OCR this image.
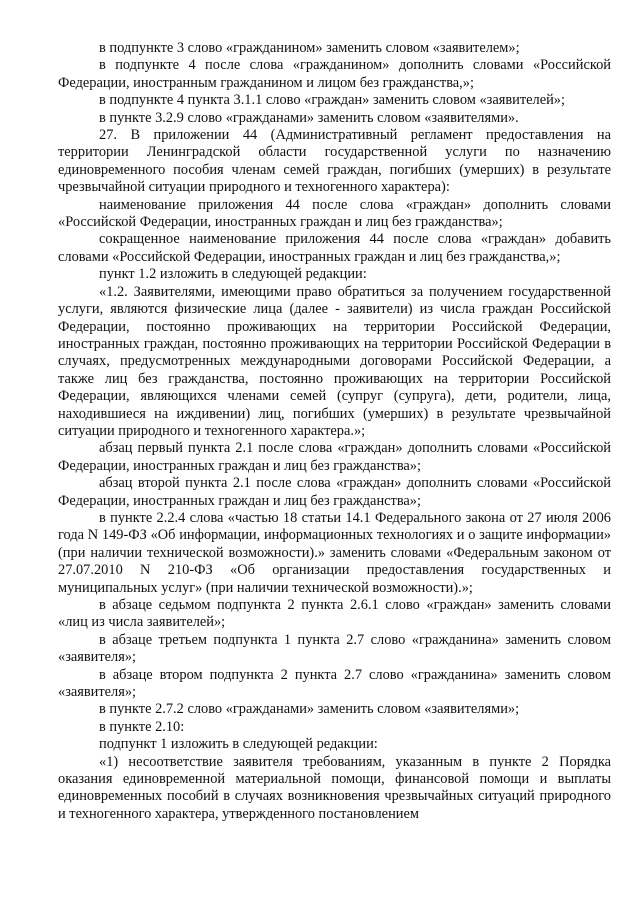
в подпункте 3 слово «гражданином» заменить словом «заявителем»;

в подпункте 4 после слова «гражданином» дополнить словами «Российской Федерации, иностранным гражданином и лицом без гражданства,»;

в подпункте 4 пункта 3.1.1 слово «граждан» заменить словом «заявителей»;

в пункте 3.2.9 слово «гражданами» заменить словом «заявителями».

27. В приложении 44 (Административный регламент предоставления на территории Ленинградской области государственной услуги по назначению единовременного пособия членам семей граждан, погибших (умерших) в результате чрезвычайной ситуации природного и техногенного характера):

наименование приложения 44 после слова «граждан» дополнить словами «Российской Федерации, иностранных граждан и лиц без гражданства»;

сокращенное наименование приложения 44 после слова «граждан» добавить словами «Российской Федерации, иностранных граждан и лиц без гражданства,»;

пункт 1.2 изложить в следующей редакции:

«1.2. Заявителями, имеющими право обратиться за получением государственной услуги, являются физические лица (далее - заявители) из числа граждан Российской Федерации, постоянно проживающих на территории Российской Федерации, иностранных граждан, постоянно проживающих на территории Российской Федерации в случаях, предусмотренных международными договорами Российской Федерации, а также лиц без гражданства, постоянно проживающих на территории Российской Федерации, являющихся членами семей (супруг (супруга), дети, родители, лица, находившиеся на иждивении) лиц, погибших (умерших) в результате чрезвычайной ситуации природного и техногенного характера.»;

абзац первый пункта 2.1 после слова «граждан» дополнить словами «Российской Федерации, иностранных граждан и лиц без гражданства»;

абзац второй пункта 2.1 после слова «граждан» дополнить словами «Российской Федерации, иностранных граждан и лиц без гражданства»;

в пункте 2.2.4 слова «частью 18 статьи 14.1 Федерального закона от 27 июля 2006 года N 149-ФЗ «Об информации, информационных технологиях и о защите информации» (при наличии технической возможности).» заменить словами «Федеральным законом от 27.07.2010 N 210-ФЗ «Об организации предоставления государственных и муниципальных услуг» (при наличии технической возможности).»;

в абзаце седьмом подпункта 2 пункта 2.6.1 слово «граждан» заменить словами «лиц из числа заявителей»;

в абзаце третьем подпункта 1 пункта 2.7 слово «гражданина» заменить словом «заявителя»;

в абзаце втором подпункта 2 пункта 2.7 слово «гражданина» заменить словом «заявителя»;

в пункте 2.7.2 слово «гражданами» заменить словом «заявителями»;

в пункте 2.10:

подпункт 1 изложить в следующей редакции:

«1) несоответствие заявителя требованиям, указанным в пункте 2 Порядка оказания единовременной материальной помощи, финансовой помощи и выплаты единовременных пособий в случаях возникновения чрезвычайных ситуаций природного и техногенного характера, утвержденного постановлением
